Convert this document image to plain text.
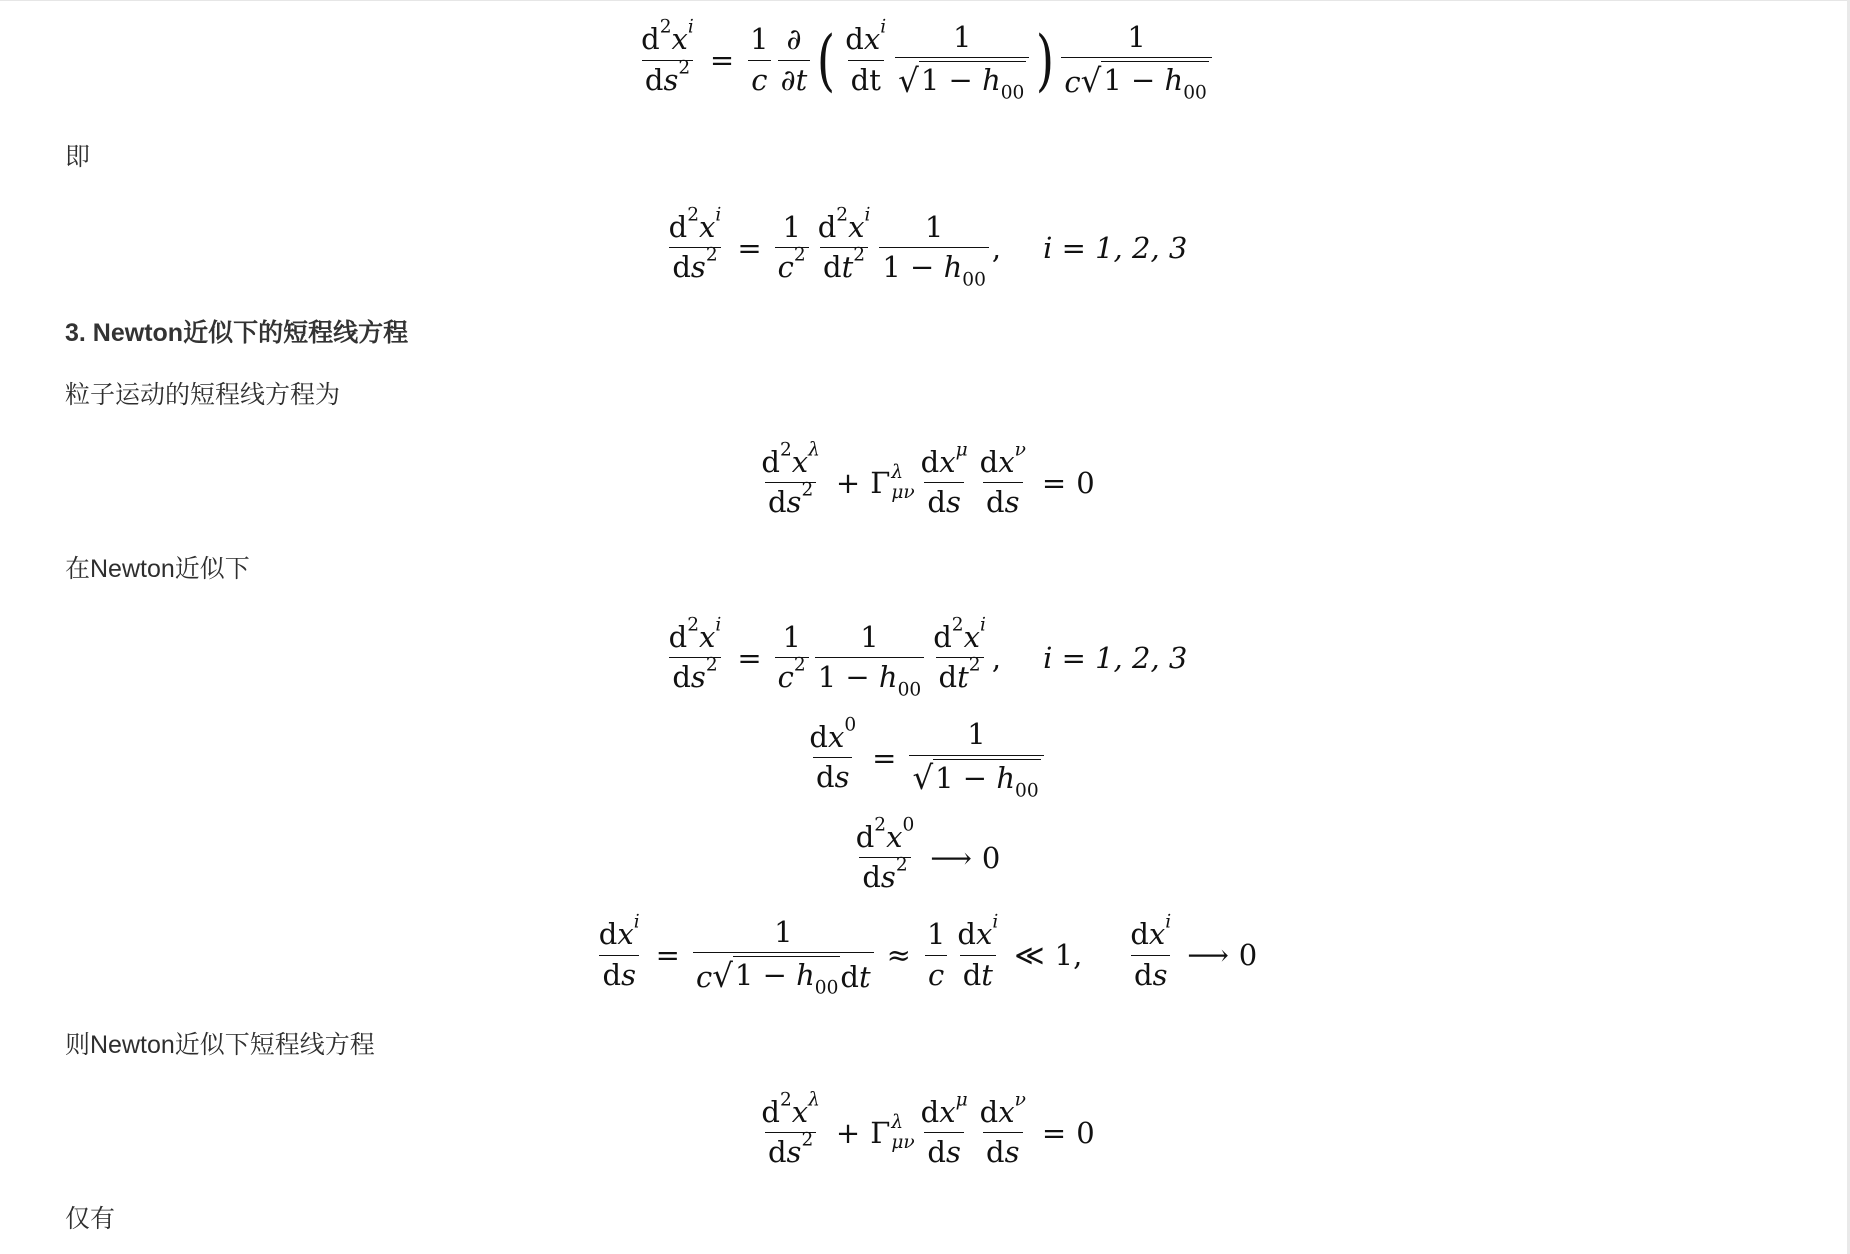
$\frac{d^2x^i}{ds^2} = \frac{1}{c} \frac{\partial}{\partial t}$ ( $\frac{dx^i}{dt} \frac{1}{√ 1 - h_{00}}$ ) $\frac{1}{c √ 1 - h_{00}}$
即
$\frac{d^2x^i}{ds^2} = \frac{1}{c^2} \frac{d^2x^i}{dt^2} \frac{1}{1 - h_{00}}$ , i = 1, 2, 3
3. Newton近似下的短程线方程
粒子运动的短程线方程为
$\frac{d^2x^\lambda}{ds^2} + \Gamma$ λ
μν $\frac{dx^\mu}{ds} \frac{dx^\nu}{ds} = 0$
在Newton近似下
$\frac{d^2x^i}{ds^2} = \frac{1}{c^2} \frac{1}{1 - h_{00}} \frac{d^2x^i}{dt^2}$ , i = 1, 2, 3
$\frac{dx^0}{ds} = \frac{1}{√ 1 - h_{00}}$
$\frac{d^2x^0}{ds^2}$ ⟶ 0
$\frac{dx^i}{ds} = \frac{1}{c √ 1 - h_{00} dt} \approx \frac{1}{c} \frac{dx^i}{dt}$ ≪ 1, $\frac{dx^i}{ds}$ ⟶ 0
则Newton近似下短程线方程
$\frac{d^2x^\lambda}{ds^2} + \Gamma$ λ
μν $\frac{dx^\mu}{ds} \frac{dx^\nu}{ds} = 0$
仅有
